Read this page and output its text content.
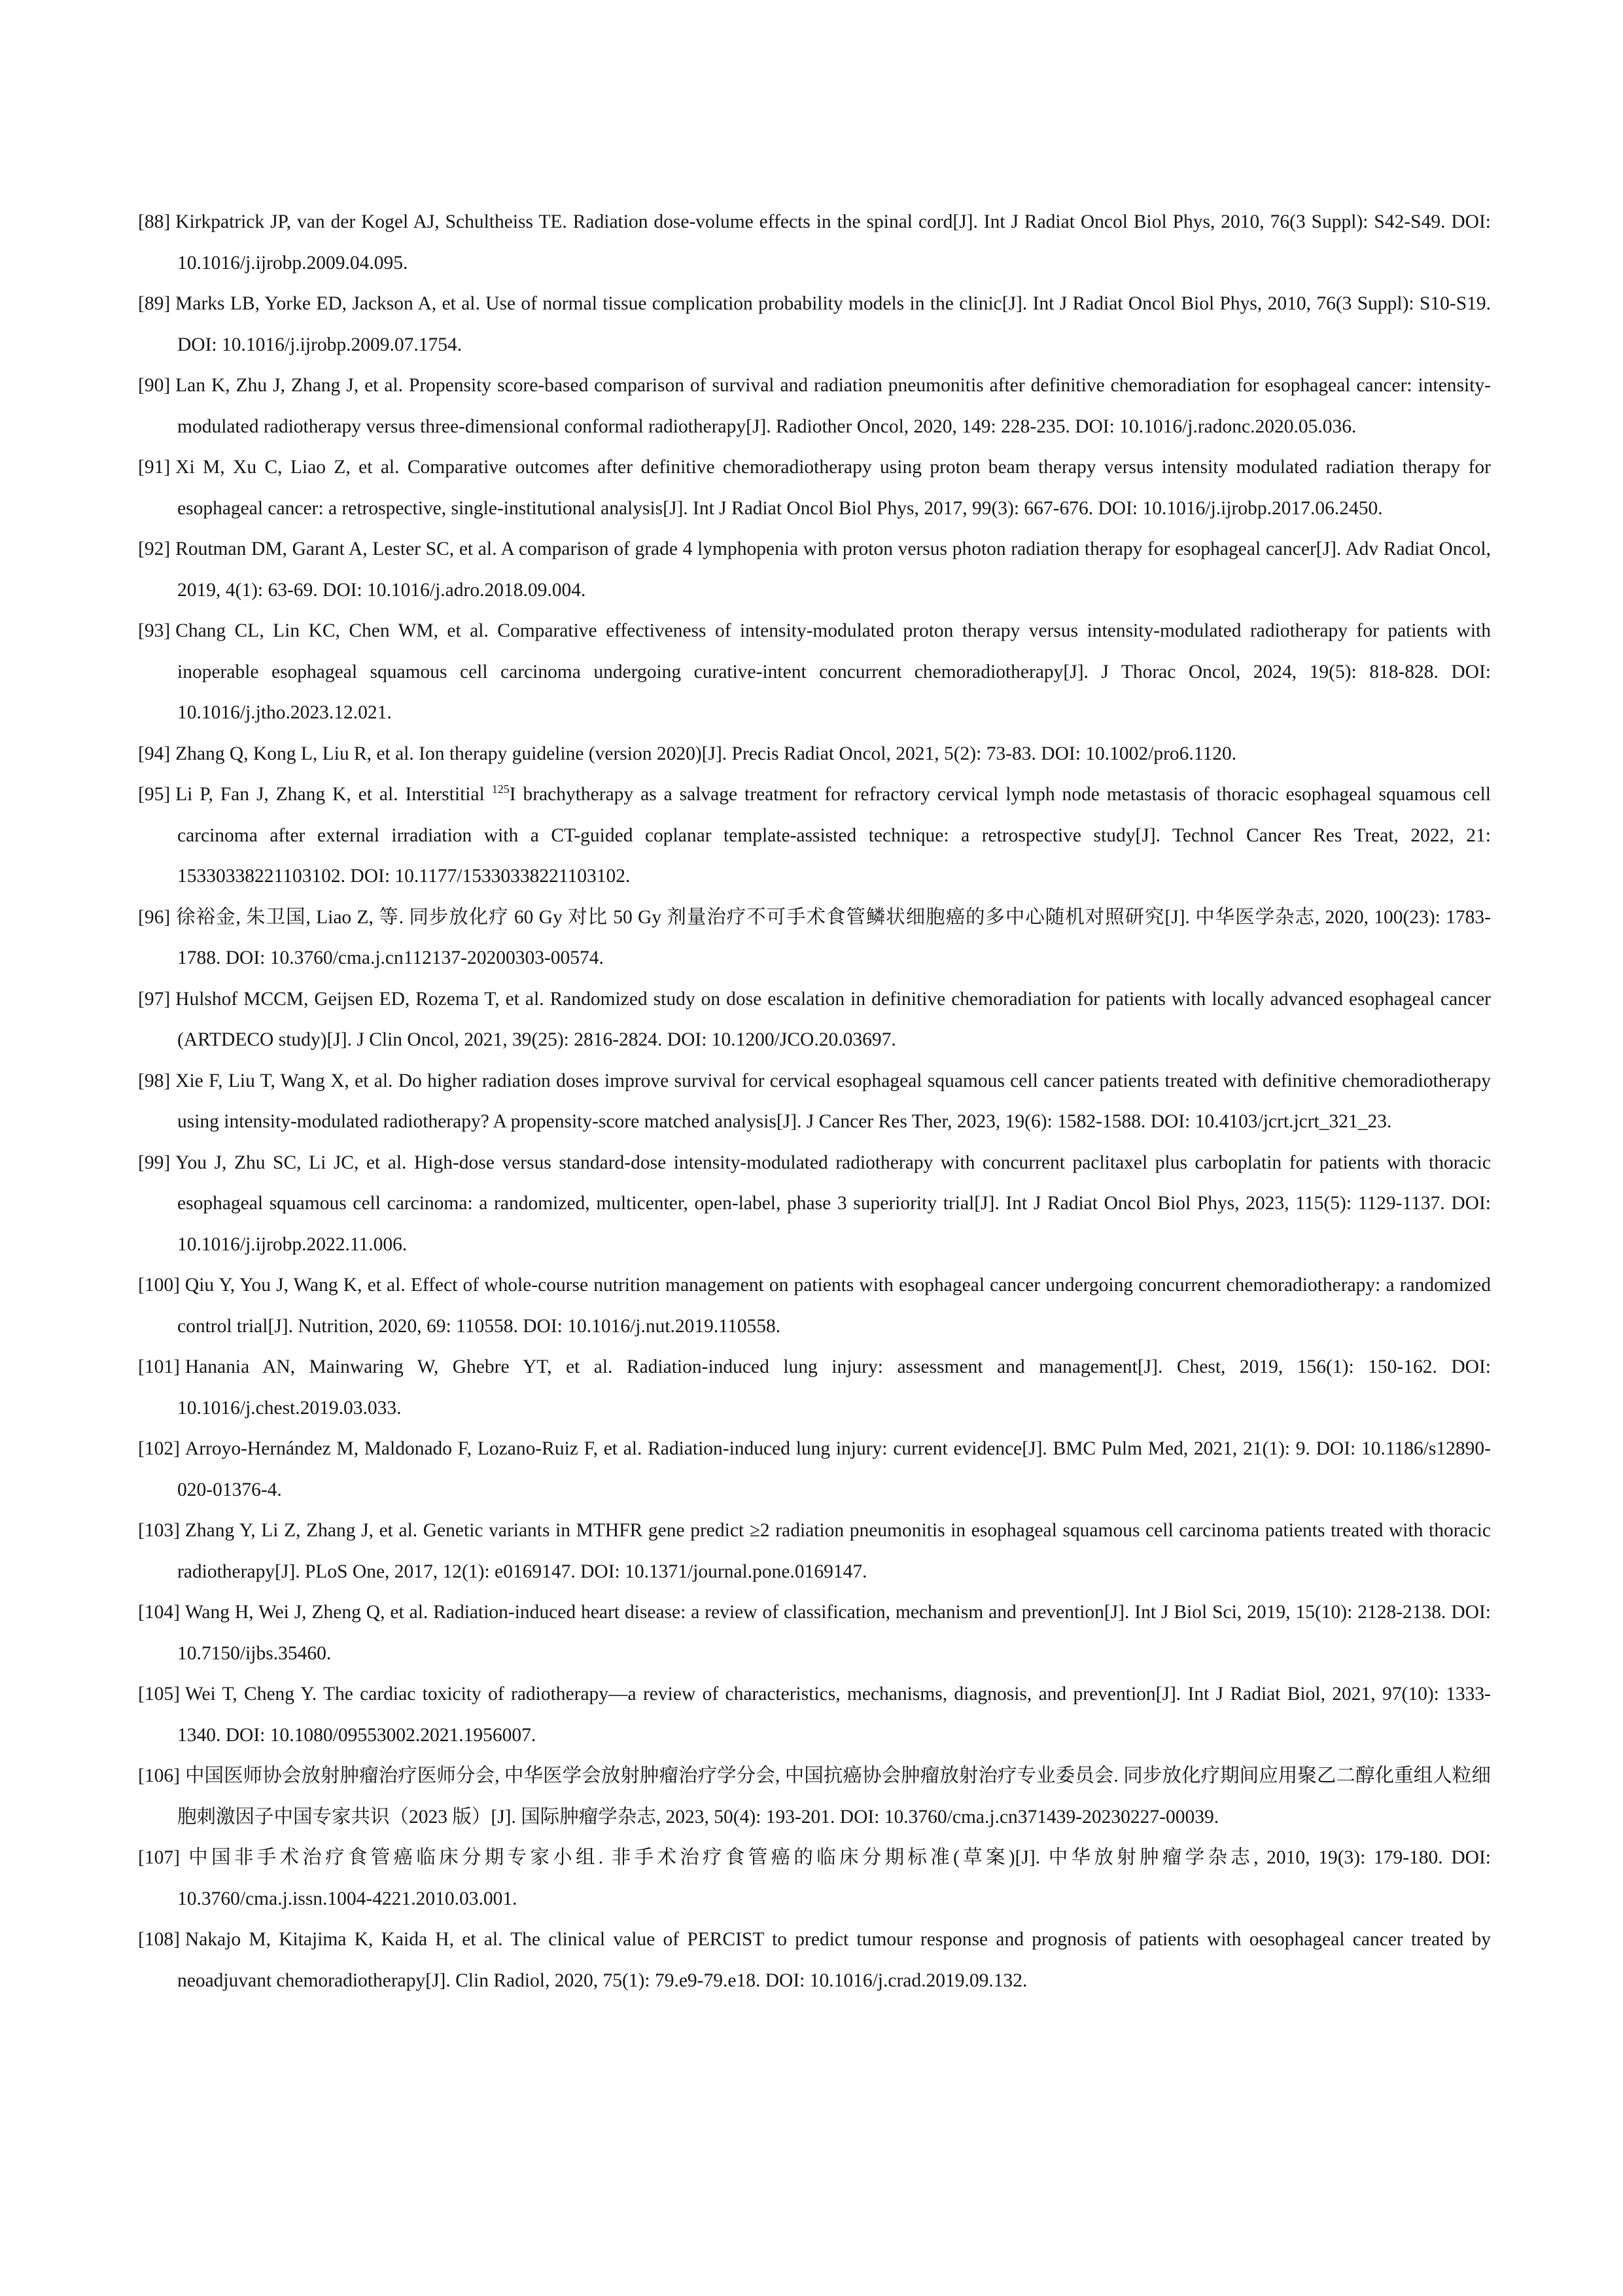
[88] Kirkpatrick JP, van der Kogel AJ, Schultheiss TE. Radiation dose-volume effects in the spinal cord[J]. Int J Radiat Oncol Biol Phys, 2010, 76(3 Suppl): S42-S49. DOI: 10.1016/j.ijrobp.2009.04.095.
[89] Marks LB, Yorke ED, Jackson A, et al. Use of normal tissue complication probability models in the clinic[J]. Int J Radiat Oncol Biol Phys, 2010, 76(3 Suppl): S10-S19. DOI: 10.1016/j.ijrobp.2009.07.1754.
[90] Lan K, Zhu J, Zhang J, et al. Propensity score-based comparison of survival and radiation pneumonitis after definitive chemoradiation for esophageal cancer: intensity-modulated radiotherapy versus three-dimensional conformal radiotherapy[J]. Radiother Oncol, 2020, 149: 228-235. DOI: 10.1016/j.radonc.2020.05.036.
[91] Xi M, Xu C, Liao Z, et al. Comparative outcomes after definitive chemoradiotherapy using proton beam therapy versus intensity modulated radiation therapy for esophageal cancer: a retrospective, single-institutional analysis[J]. Int J Radiat Oncol Biol Phys, 2017, 99(3): 667-676. DOI: 10.1016/j.ijrobp.2017.06.2450.
[92] Routman DM, Garant A, Lester SC, et al. A comparison of grade 4 lymphopenia with proton versus photon radiation therapy for esophageal cancer[J]. Adv Radiat Oncol, 2019, 4(1): 63-69. DOI: 10.1016/j.adro.2018.09.004.
[93] Chang CL, Lin KC, Chen WM, et al. Comparative effectiveness of intensity-modulated proton therapy versus intensity-modulated radiotherapy for patients with inoperable esophageal squamous cell carcinoma undergoing curative-intent concurrent chemoradiotherapy[J]. J Thorac Oncol, 2024, 19(5): 818-828. DOI: 10.1016/j.jtho.2023.12.021.
[94] Zhang Q, Kong L, Liu R, et al. Ion therapy guideline (version 2020)[J]. Precis Radiat Oncol, 2021, 5(2): 73-83. DOI: 10.1002/pro6.1120.
[95] Li P, Fan J, Zhang K, et al. Interstitial $^{125}$I brachytherapy as a salvage treatment for refractory cervical lymph node metastasis of thoracic esophageal squamous cell carcinoma after external irradiation with a CT-guided coplanar template-assisted technique: a retrospective study[J]. Technol Cancer Res Treat, 2022, 21: 15330338221103102. DOI: 10.1177/15330338221103102.
[96] 徐裕金, 朱卫国, Liao Z, 等. 同步放化疗 60 Gy 对比 50 Gy 剂量治疗不可手术食管鳞状细胞癌的多中心随机对照研究[J]. 中华医学杂志, 2020, 100(23): 1783-1788. DOI: 10.3760/cma.j.cn112137-20200303-00574.
[97] Hulshof MCCM, Geijsen ED, Rozema T, et al. Randomized study on dose escalation in definitive chemoradiation for patients with locally advanced esophageal cancer (ARTDECO study)[J]. J Clin Oncol, 2021, 39(25): 2816-2824. DOI: 10.1200/JCO.20.03697.
[98] Xie F, Liu T, Wang X, et al. Do higher radiation doses improve survival for cervical esophageal squamous cell cancer patients treated with definitive chemoradiotherapy using intensity-modulated radiotherapy? A propensity-score matched analysis[J]. J Cancer Res Ther, 2023, 19(6): 1582-1588. DOI: 10.4103/jcrt.jcrt_321_23.
[99] You J, Zhu SC, Li JC, et al. High-dose versus standard-dose intensity-modulated radiotherapy with concurrent paclitaxel plus carboplatin for patients with thoracic esophageal squamous cell carcinoma: a randomized, multicenter, open-label, phase 3 superiority trial[J]. Int J Radiat Oncol Biol Phys, 2023, 115(5): 1129-1137. DOI: 10.1016/j.ijrobp.2022.11.006.
[100] Qiu Y, You J, Wang K, et al. Effect of whole-course nutrition management on patients with esophageal cancer undergoing concurrent chemoradiotherapy: a randomized control trial[J]. Nutrition, 2020, 69: 110558. DOI: 10.1016/j.nut.2019.110558.
[101] Hanania AN, Mainwaring W, Ghebre YT, et al. Radiation-induced lung injury: assessment and management[J]. Chest, 2019, 156(1): 150-162. DOI: 10.1016/j.chest.2019.03.033.
[102] Arroyo-Hernández M, Maldonado F, Lozano-Ruiz F, et al. Radiation-induced lung injury: current evidence[J]. BMC Pulm Med, 2021, 21(1): 9. DOI: 10.1186/s12890-020-01376-4.
[103] Zhang Y, Li Z, Zhang J, et al. Genetic variants in MTHFR gene predict ≥2 radiation pneumonitis in esophageal squamous cell carcinoma patients treated with thoracic radiotherapy[J]. PLoS One, 2017, 12(1): e0169147. DOI: 10.1371/journal.pone.0169147.
[104] Wang H, Wei J, Zheng Q, et al. Radiation-induced heart disease: a review of classification, mechanism and prevention[J]. Int J Biol Sci, 2019, 15(10): 2128-2138. DOI: 10.7150/ijbs.35460.
[105] Wei T, Cheng Y. The cardiac toxicity of radiotherapy—a review of characteristics, mechanisms, diagnosis, and prevention[J]. Int J Radiat Biol, 2021, 97(10): 1333-1340. DOI: 10.1080/09553002.2021.1956007.
[106] 中国医师协会放射肿瘤治疗医师分会, 中华医学会放射肿瘤治疗学分会, 中国抗癌协会肿瘤放射治疗专业委员会. 同步放化疗期间应用聚乙二醇化重组人粒细胞刺激因子中国专家共识（2023 版）[J]. 国际肿瘤学杂志, 2023, 50(4): 193-201. DOI: 10.3760/cma.j.cn371439-20230227-00039.
[107] 中国非手术治疗食管癌临床分期专家小组. 非手术治疗食管癌的临床分期标准(草案)[J]. 中华放射肿瘤学杂志, 2010, 19(3): 179-180. DOI: 10.3760/cma.j.issn.1004-4221.2010.03.001.
[108] Nakajo M, Kitajima K, Kaida H, et al. The clinical value of PERCIST to predict tumour response and prognosis of patients with oesophageal cancer treated by neoadjuvant chemoradiotherapy[J]. Clin Radiol, 2020, 75(1): 79.e9-79.e18. DOI: 10.1016/j.crad.2019.09.132.
